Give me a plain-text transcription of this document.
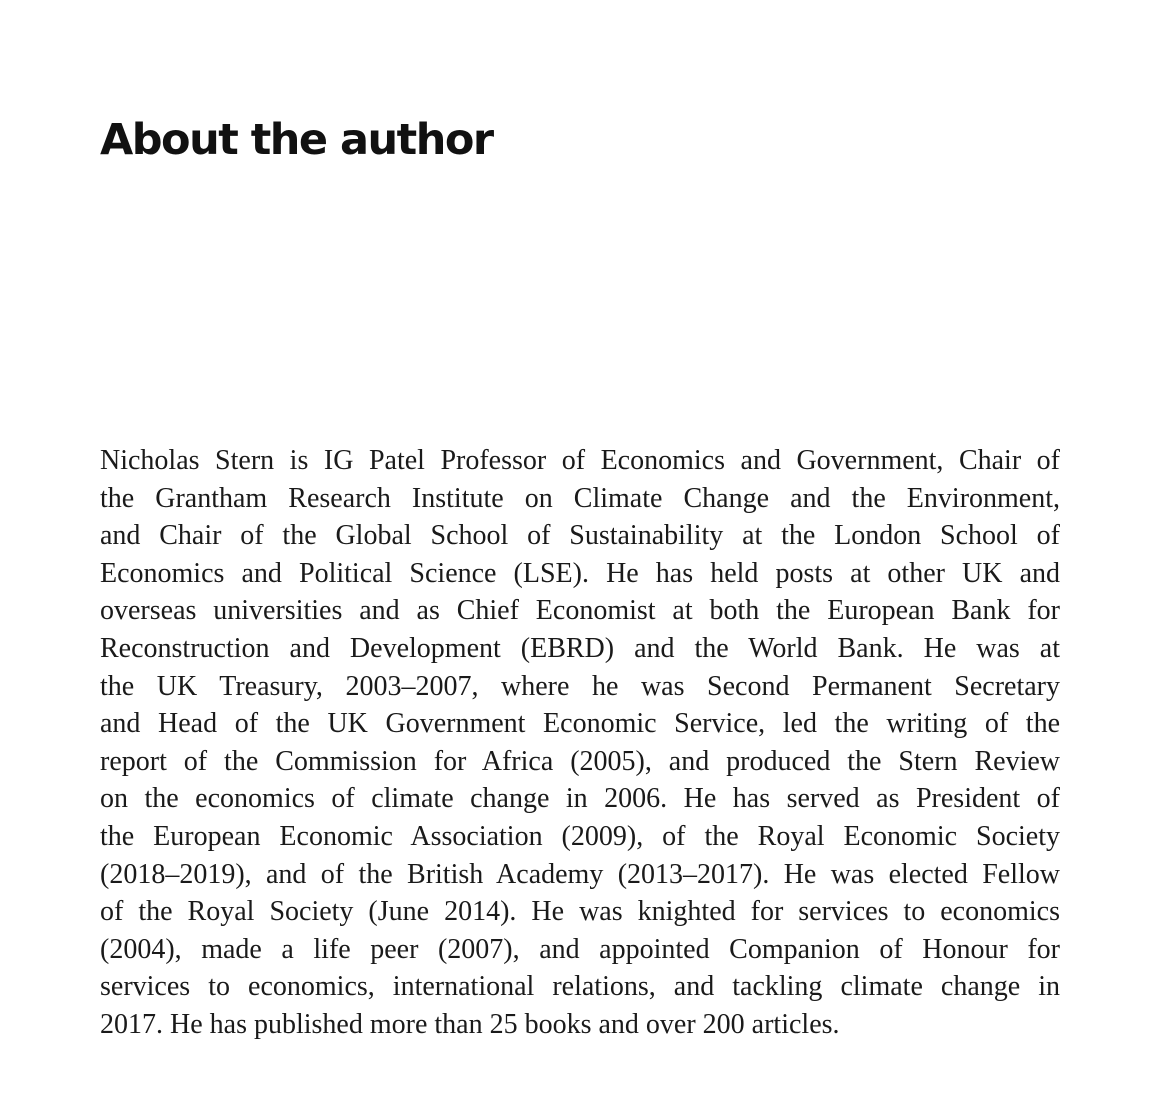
About the author
Nicholas Stern is IG Patel Professor of Economics and Government, Chair of
the Grantham Research Institute on Climate Change and the Environment,
and Chair of the Global School of Sustainability at the London School of
Economics and Political Science (LSE). He has held posts at other UK and
overseas universities and as Chief Economist at both the European Bank for
Reconstruction and Development (EBRD) and the World Bank. He was at
the UK Treasury, 2003–2007, where he was Second Permanent Secretary
and Head of the UK Government Economic Service, led the writing of the
report of the Commission for Africa (2005), and produced the Stern Review
on the economics of climate change in 2006. He has served as President of
the European Economic Association (2009), of the Royal Economic Society
(2018–2019), and of the British Academy (2013–2017). He was elected Fellow
of the Royal Society (June 2014). He was knighted for services to economics
(2004), made a life peer (2007), and appointed Companion of Honour for
services to economics, international relations, and tackling climate change in
2017. He has published more than 25 books and over 200 articles.
